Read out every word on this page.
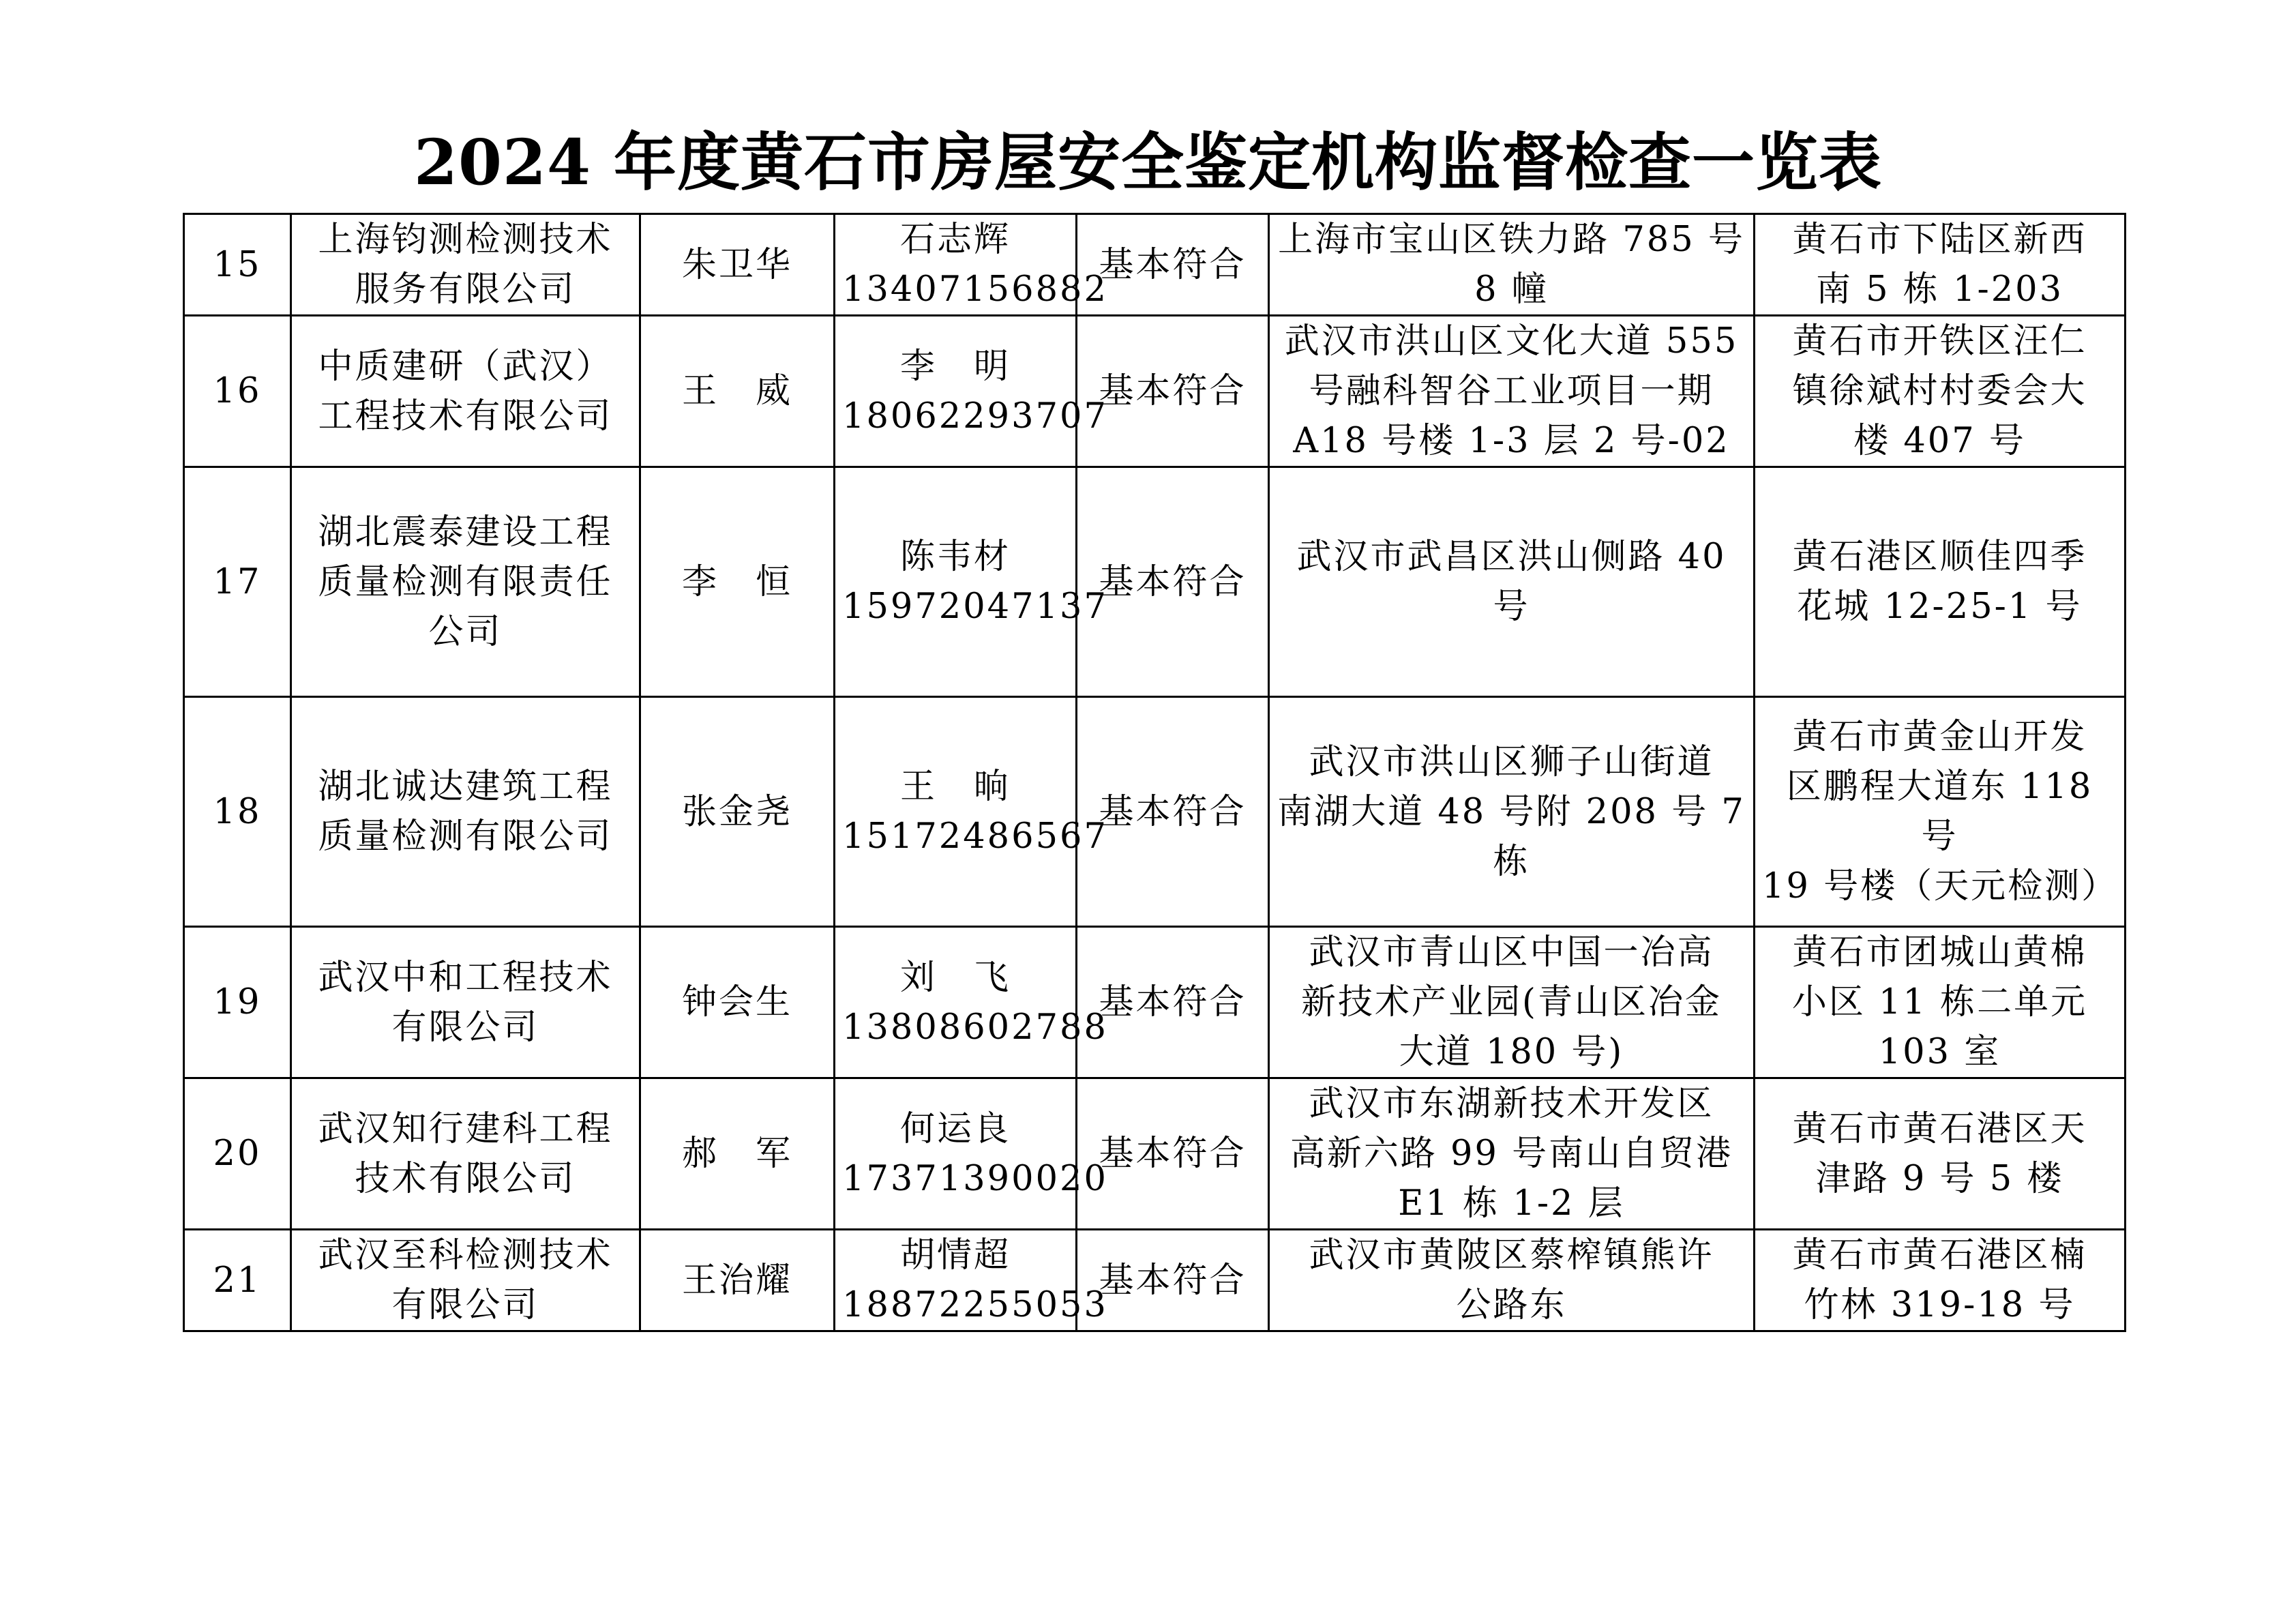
2024 年度黄石市房屋安全鉴定机构监督检查一览表
15	上海钧测检测技术
服务有限公司	朱卫华	石志辉
13407156882	基本符合	上海市宝山区铁力路 785 号
8 幢	黄石市下陆区新西
南 5 栋 1-203

16	中质建研（武汉）
工程技术有限公司	王　威	李　明
18062293707	基本符合	武汉市洪山区文化大道 555
号融科智谷工业项目一期
A18 号楼 1-3 层 2 号-02	黄石市开铁区汪仁
镇徐斌村村委会大
楼 407 号

17	湖北震泰建设工程
质量检测有限责任
公司	李　恒	陈韦材
15972047137	基本符合	武汉市武昌区洪山侧路 40
号	黄石港区顺佳四季
花城 12-25-1 号

18	湖北诚达建筑工程
质量检测有限公司	张金尧	王　晌
15172486567	基本符合	武汉市洪山区狮子山街道
南湖大道 48 号附 208 号 7
栋	黄石市黄金山开发
区鹏程大道东 118 号
19 号楼（天元检测）

19	武汉中和工程技术
有限公司	钟会生	刘　飞
13808602788	基本符合	武汉市青山区中国一冶高
新技术产业园(青山区冶金
大道 180 号)	黄石市团城山黄棉
小区 11 栋二单元
103 室

20	武汉知行建科工程
技术有限公司	郝　军	何运良
17371390020	基本符合	武汉市东湖新技术开发区
高新六路 99 号南山自贸港
E1 栋 1-2 层	黄石市黄石港区天
津路 9 号 5 楼

21	武汉至科检测技术
有限公司	王治耀	胡情超
18872255053	基本符合	武汉市黄陂区蔡榨镇熊许
公路东	黄石市黄石港区楠
竹林 319-18 号
